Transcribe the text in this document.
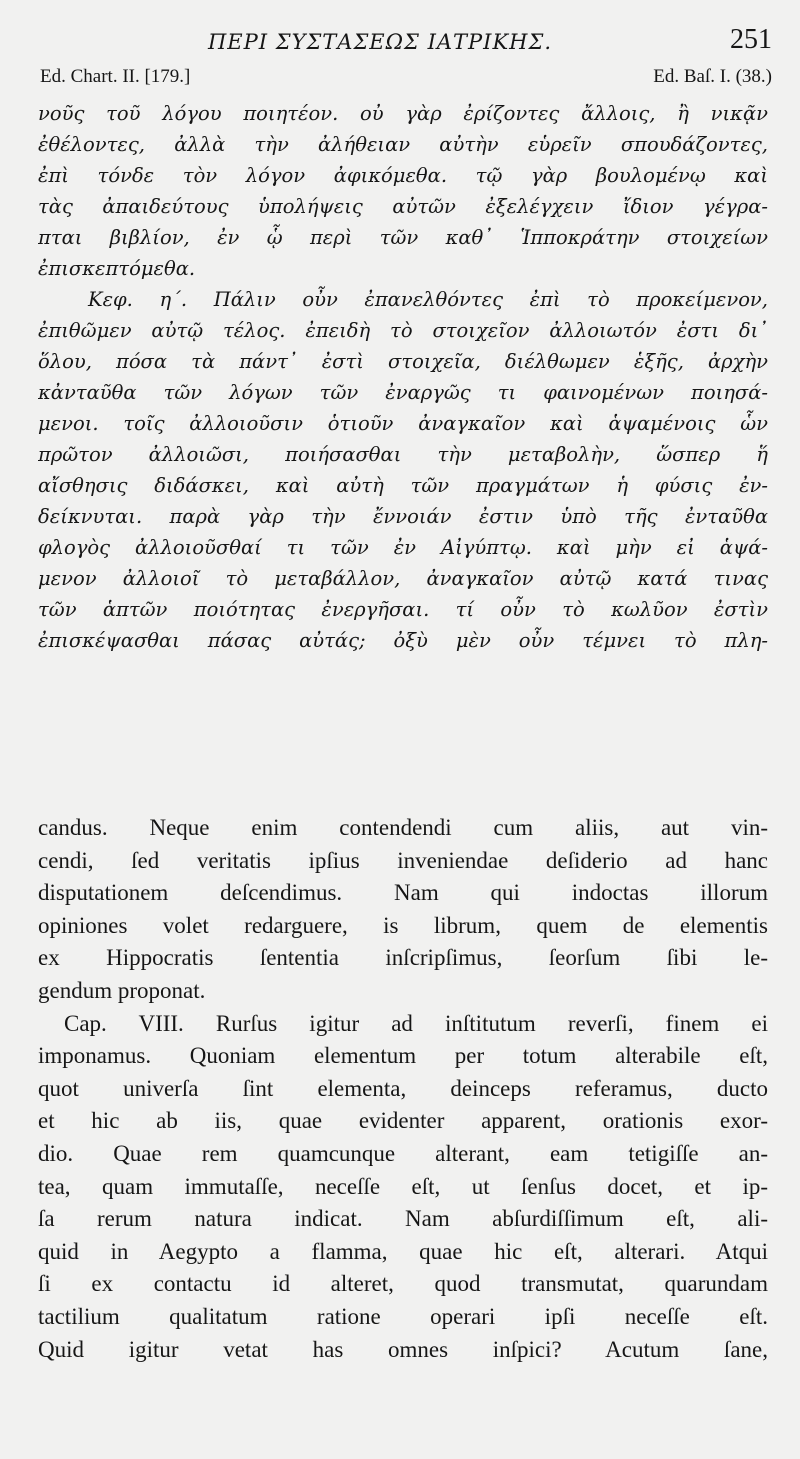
ΠΕΡΙ ΣΥΣΤΑΣΕΩΣ ΙΑΤΡΙΚΗΣ.	251
Ed. Chart. II. [179.]	Ed. Baſ. I. (38.)
νοῦς τοῦ λόγου ποιητέον. οὐ γὰρ ἐρίζοντες ἄλλοις, ἢ νικᾷν
ἐθέλοντες, ἀλλὰ τὴν ἀλήθειαν αὐτὴν εὑρεῖν σπουδάζοντες,
ἐπὶ τόνδε τὸν λόγον ἀφικόμεθα. τῷ γὰρ βουλομένῳ καὶ
τὰς ἀπαιδεύτους ὑπολήψεις αὐτῶν ἐξελέγχειν ἴδιον γέγρα-
πται βιβλίον, ἐν ᾧ περὶ τῶν καθ᾽ Ἱπποκράτην στοιχείων
ἐπισκεπτόμεθα.
Κεφ. η΄. Πάλιν οὖν ἐπανελθόντες ἐπὶ τὸ προκείμενον,
ἐπιθῶμεν αὐτῷ τέλος. ἐπειδὴ τὸ στοιχεῖον ἀλλοιωτόν ἐστι δι᾽
ὅλου, πόσα τὰ πάντ᾽ ἐστὶ στοιχεῖα, διέλθωμεν ἑξῆς, ἀρχὴν
κἀνταῦθα τῶν λόγων τῶν ἐναργῶς τι φαινομένων ποιησά-
μενοι. τοῖς ἀλλοιοῦσιν ὁτιοῦν ἀναγκαῖον καὶ ἁψαμένοις ὧν
πρῶτον ἀλλοιῶσι, ποιήσασθαι τὴν μεταβολὴν, ὥσπερ ἥ
αἴσθησις διδάσκει, καὶ αὐτὴ τῶν πραγμάτων ἡ φύσις ἐν-
δείκνυται. παρὰ γὰρ τὴν ἔννοιάν ἐστιν ὑπὸ τῆς ἐνταῦθα
φλογὸς ἀλλοιοῦσθαί τι τῶν ἐν Αἰγύπτῳ. καὶ μὴν εἰ ἁψά-
μενον ἀλλοιοῖ τὸ μεταβάλλον, ἀναγκαῖον αὐτῷ κατά τινας
τῶν ἁπτῶν ποιότητας ἐνεργῆσαι. τί οὖν τὸ κωλῦον ἐστὶν
ἐπισκέψασθαι πάσας αὐτάς; ὀξὺ μὲν οὖν τέμνει τὸ πλη-
candus. Neque enim contendendi cum aliis, aut vin-
cendi, ſed veritatis ipſius inveniendae deſiderio ad hanc
disputationem deſcendimus. Nam qui indoctas illorum
opiniones volet redarguere, is librum, quem de elementis
ex Hippocratis ſententia inſcripſimus, ſeorſum ſibi le-
gendum proponat.
Cap. VIII. Rurſus igitur ad inſtitutum reverſi, finem ei
imponamus. Quoniam elementum per totum alterabile eſt,
quot univerſa ſint elementa, deinceps referamus, ducto
et hic ab iis, quae evidenter apparent, orationis exor-
dio. Quae rem quamcunque alterant, eam tetigiſſe an-
tea, quam immutaſſe, neceſſe eſt, ut ſenſus docet, et ip-
ſa rerum natura indicat. Nam abſurdiſſimum eſt, ali-
quid in Aegypto a flamma, quae hic eſt, alterari. Atqui
ſi ex contactu id alteret, quod transmutat, quarundam
tactilium qualitatum ratione operari ipſi neceſſe eſt.
Quid igitur vetat has omnes inſpici? Acutum ſane,
